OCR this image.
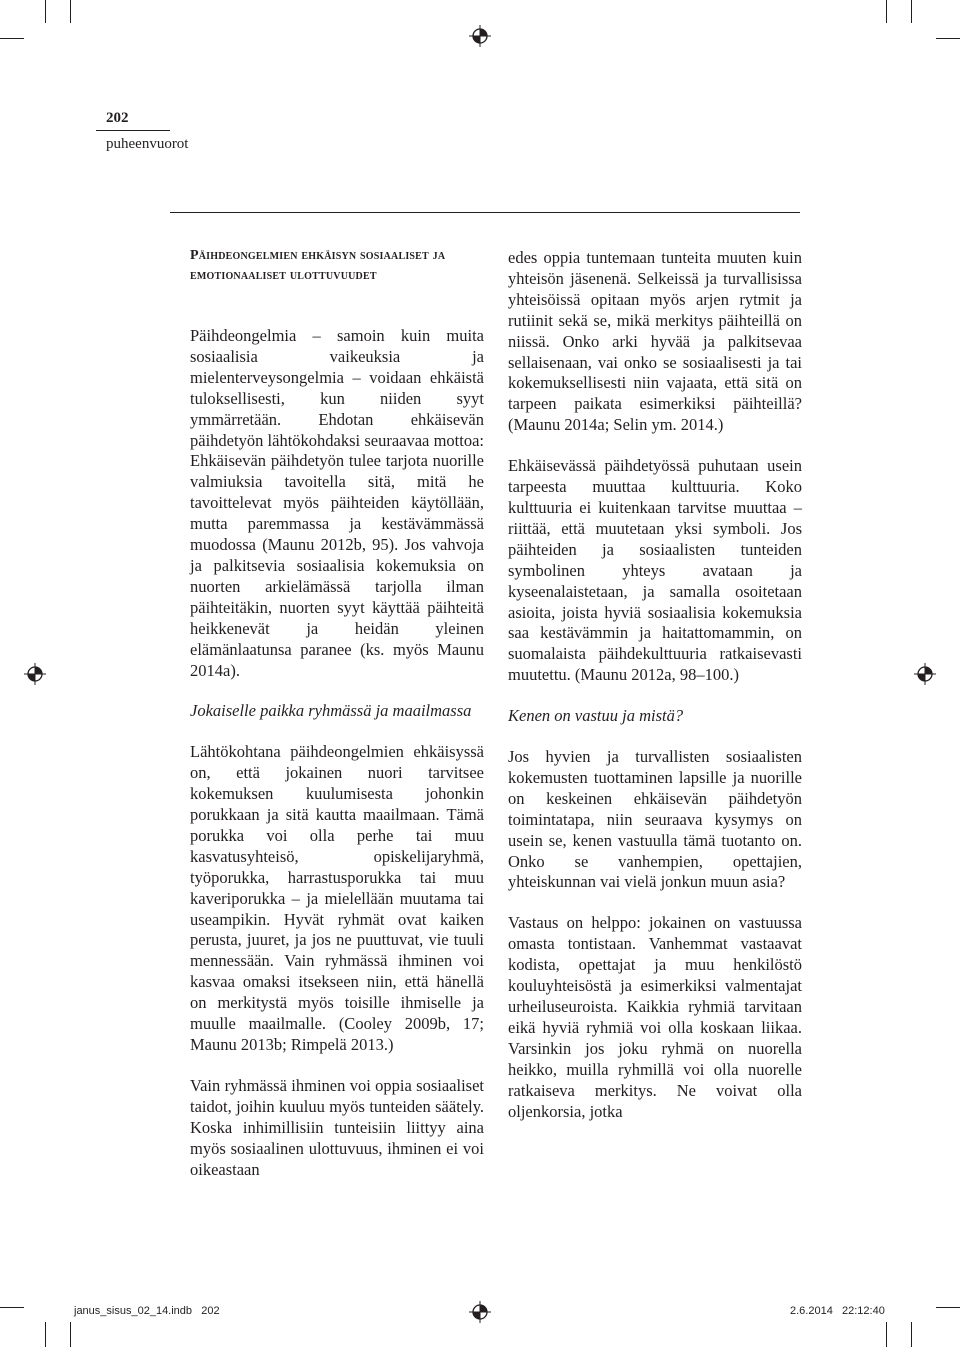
202
puheenvuorot
Päihdeongelmien ehkäisyn sosiaaliset ja emotionaaliset ulottuvuudet

Päihdeongelmia – samoin kuin muita sosiaalisia vaikeuksia ja mielenterveysongelmia – voidaan ehkäistä tuloksellisesti, kun niiden syyt ymmärretään. Ehdotan ehkäisevän päihdetyön lähtökohdaksi seuraavaa mottoa: Ehkäisevän päihdetyön tulee tarjota nuorille valmiuksia tavoitella sitä, mitä he tavoittelevat myös päihteiden käytöllään, mutta paremmassa ja kestävämmässä muodossa (Maunu 2012b, 95). Jos vahvoja ja palkitsevia sosiaalisia kokemuksia on nuorten arkielämässä tarjolla ilman päihteitäkin, nuorten syyt käyttää päihteitä heikkenevät ja heidän yleinen elämänlaatunsa paranee (ks. myös Maunu 2014a).

Jokaiselle paikka ryhmässä ja maailmassa

Lähtökohtana päihdeongelmien ehkäisyssä on, että jokainen nuori tarvitsee kokemuksen kuulumisesta johonkin porukkaan ja sitä kautta maailmaan. Tämä porukka voi olla perhe tai muu kasvatusyhteisö, opiskelijaryhmä, työporukka, harrastusporukka tai muu kaveriporukka – ja mielellään muutama tai useampikin. Hyvät ryhmät ovat kaiken perusta, juuret, ja jos ne puuttuvat, vie tuuli mennessään. Vain ryhmässä ihminen voi kasvaa omaksi itsekseen niin, että hänellä on merkitystä myös toisille ihmiselle ja muulle maailmalle. (Cooley 2009b, 17; Maunu 2013b; Rimpelä 2013.)

Vain ryhmässä ihminen voi oppia sosiaaliset taidot, joihin kuuluu myös tunteiden säätely. Koska inhimillisiin tunteisiin liittyy aina myös sosiaalinen ulottuvuus, ihminen ei voi oikeastaan

edes oppia tuntemaan tunteita muuten kuin yhteisön jäsenenä. Selkeissä ja turvallisissa yhteisöissä opitaan myös arjen rytmit ja rutiinit sekä se, mikä merkitys päihteillä on niissä. Onko arki hyvää ja palkitsevaa sellaisenaan, vai onko se sosiaalisesti ja tai kokemuksellisesti niin vajaata, että sitä on tarpeen paikata esimerkiksi päihteillä? (Maunu 2014a; Selin ym. 2014.)

Ehkäisevässä päihdetyössä puhutaan usein tarpeesta muuttaa kulttuuria. Koko kulttuuria ei kuitenkaan tarvitse muuttaa – riittää, että muutetaan yksi symboli. Jos päihteiden ja sosiaalisten tunteiden symbolinen yhteys avataan ja kyseenalaistetaan, ja samalla osoitetaan asioita, joista hyviä sosiaalisia kokemuksia saa kestävämmin ja haitattomammin, on suomalaista päihdekulttuuria ratkaisevasti muutettu. (Maunu 2012a, 98–100.)

Kenen on vastuu ja mistä?

Jos hyvien ja turvallisten sosiaalisten kokemusten tuottaminen lapsille ja nuorille on keskeinen ehkäisevän päihdetyön toimintatapa, niin seuraava kysymys on usein se, kenen vastuulla tämä tuotanto on. Onko se vanhempien, opettajien, yhteiskunnan vai vielä jonkun muun asia?

Vastaus on helppo: jokainen on vastuussa omasta tontistaan. Vanhemmat vastaavat kodista, opettajat ja muu henkilöstö kouluyhteisöstä ja esimerkiksi valmentajat urheiluseuroista. Kaikkia ryhmiä tarvitaan eikä hyviä ryhmiä voi olla koskaan liikaa. Varsinkin jos joku ryhmä on nuorella heikko, muilla ryhmillä voi olla nuorelle ratkaiseva merkitys. Ne voivat olla oljenkorsia, jotka

janus_sisus_02_14.indb   202	2.6.2014   22:12:40
